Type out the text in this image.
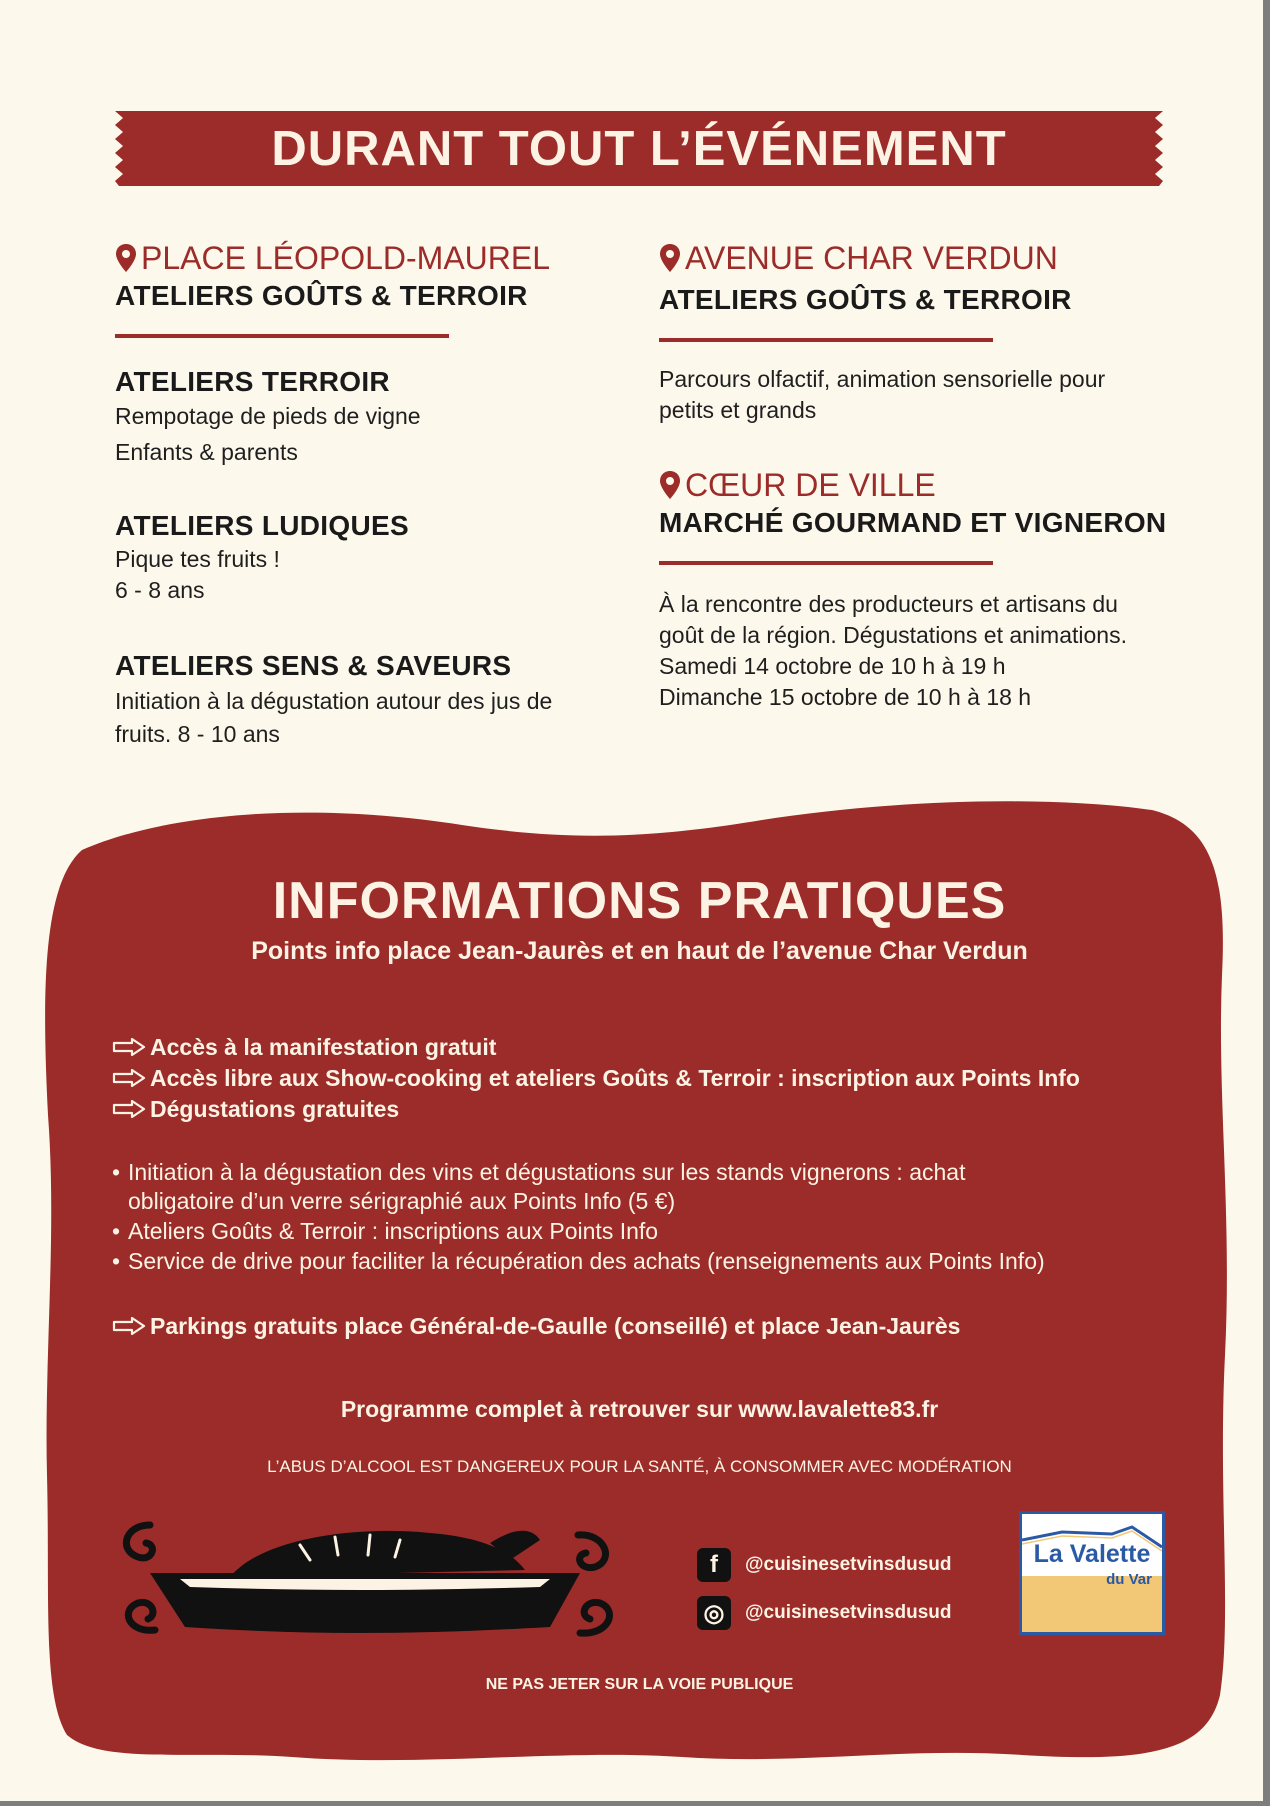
DURANT TOUT L’ÉVÉNEMENT
PLACE LÉOPOLD-MAUREL
ATELIERS GOÛTS & TERROIR
ATELIERS TERROIR
Rempotage de pieds de vigne
Enfants & parents
ATELIERS LUDIQUES
Pique tes fruits !
6 - 8 ans
ATELIERS SENS & SAVEURS
Initiation à la dégustation autour des jus de
fruits. 8 - 10 ans
AVENUE CHAR VERDUN
ATELIERS GOÛTS & TERROIR
Parcours olfactif, animation sensorielle pour
petits et grands
CŒUR DE VILLE
MARCHÉ GOURMAND ET VIGNERON
À la rencontre des producteurs et artisans du
goût de la région. Dégustations et animations.
Samedi 14 octobre de 10 h à 19 h
Dimanche 15 octobre de 10 h à 18 h
INFORMATIONS PRATIQUES
Points info place Jean-Jaurès et en haut de l’avenue Char Verdun
Accès à la manifestation gratuit
Accès libre aux Show-cooking et ateliers Goûts & Terroir : inscription aux Points Info
Dégustations gratuites
• Initiation à la dégustation des vins et dégustations sur les stands vignerons : achat
obligatoire d’un verre sérigraphié aux Points Info (5 €)
• Ateliers Goûts & Terroir : inscriptions aux Points Info
• Service de drive pour faciliter la récupération des achats (renseignements aux Points Info)
Parkings gratuits place Général-de-Gaulle (conseillé) et place Jean-Jaurès
Programme complet à retrouver sur www.lavalette83.fr
L’ABUS D’ALCOOL EST DANGEREUX POUR LA SANTÉ, À CONSOMMER AVEC MODÉRATION
f	@cuisinesetvinsdusud
◎	@cuisinesetvinsdusud
La Valette
du Var
NE PAS JETER SUR LA VOIE PUBLIQUE
